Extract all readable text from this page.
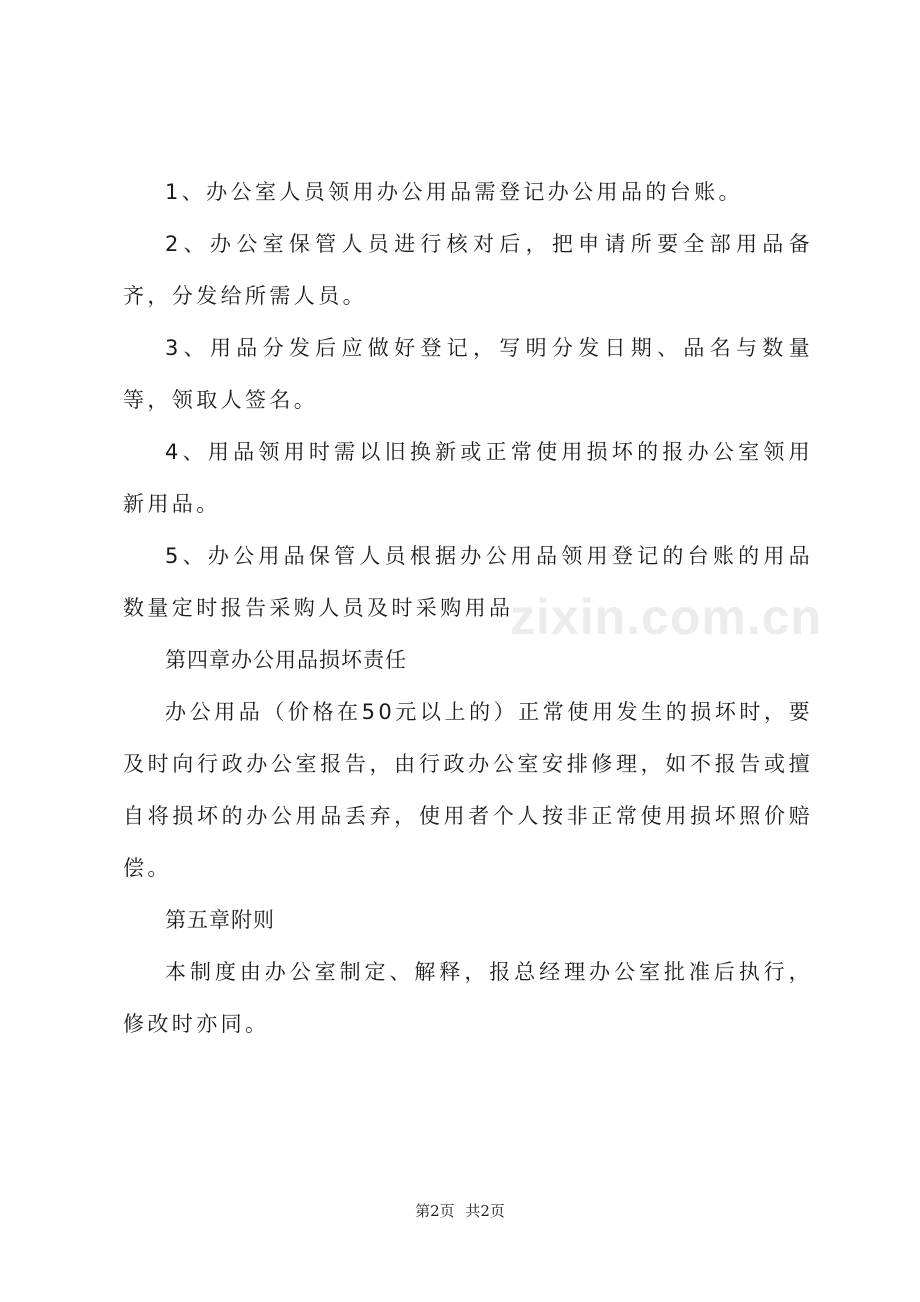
zixin.com.cn

1、办公室人员领用办公用品需登记办公用品的台账。

2、办公室保管人员进行核对后，把申请所要全部用品备齐，分发给所需人员。

3、用品分发后应做好登记，写明分发日期、品名与数量等，领取人签名。

4、用品领用时需以旧换新或正常使用损坏的报办公室领用新用品。

5、办公用品保管人员根据办公用品领用登记的台账的用品数量定时报告采购人员及时采购用品

第四章办公用品损坏责任

办公用品（价格在50元以上的）正常使用发生的损坏时，要及时向行政办公室报告，由行政办公室安排修理，如不报告或擅自将损坏的办公用品丢弃，使用者个人按非正常使用损坏照价赔偿。

第五章附则

本制度由办公室制定、解释，报总经理办公室批准后执行，修改时亦同。

第2页 共2页
